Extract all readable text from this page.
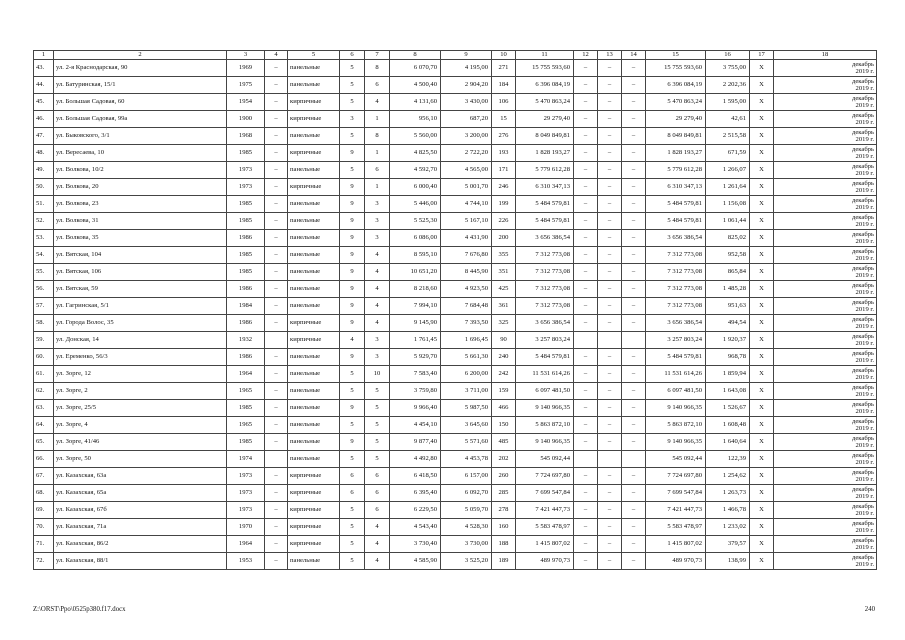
1	2	3	4	5	6	7	8	9	10	11	12	13	14	15	16	17	18
43.	ул. 2-я Краснодарская, 90	1969	–	панельные	5	8	6 070,70	4 195,00	271	15 755 593,60	–	–	–	15 755 593,60	3 755,00	X	декабрь
2019 г.

44.	ул. Батуринская, 15/1	1975	–	панельные	5	6	4 500,40	2 904,20	184	6 396 084,19	–	–	–	6 396 084,19	2 202,36	X	декабрь
2019 г.

45.	ул. Большая Садовая, 60	1954	–	кирпичные	5	4	4 131,60	3 430,00	106	5 470 863,24	–	–	–	5 470 863,24	1 595,00	X	декабрь
2019 г.

46.	ул. Большая Садовая, 99а	1900	–	кирпичные	3	1	956,10	687,20	15	29 279,40	–	–	–	29 279,40	42,61	X	декабрь
2019 г.

47.	ул. Быковского, 3/1	1968	–	панельные	5	8	5 560,00	3 200,00	276	8 049 849,81	–	–	–	8 049 849,81	2 515,58	X	декабрь
2019 г.

48.	ул. Вересаева, 10	1985	–	кирпичные	9	1	4 825,50	2 722,20	193	1 828 193,27	–	–	–	1 828 193,27	671,59	X	декабрь
2019 г.

49.	ул. Волкова, 10/2	1973	–	панельные	5	6	4 592,70	4 565,00	171	5 779 612,28	–	–	–	5 779 612,28	1 266,07	X	декабрь
2019 г.

50.	ул. Волкова, 20	1973	–	кирпичные	9	1	6 000,40	5 001,70	246	6 310 347,13	–	–	–	6 310 347,13	1 261,64	X	декабрь
2019 г.

51.	ул. Волкова, 23	1985	–	панельные	9	3	5 446,00	4 744,10	199	5 484 579,81	–	–	–	5 484 579,81	1 156,08	X	декабрь
2019 г.

52.	ул. Волкова, 31	1985	–	панельные	9	3	5 525,30	5 167,10	226	5 484 579,81	–	–	–	5 484 579,81	1 061,44	X	декабрь
2019 г.

53.	ул. Волкова, 35	1986	–	панельные	9	3	6 086,00	4 431,90	200	3 656 386,54	–	–	–	3 656 386,54	825,02	X	декабрь
2019 г.

54.	ул. Вятская, 104	1985	–	панельные	9	4	8 595,10	7 676,80	355	7 312 773,08	–	–	–	7 312 773,08	952,58	X	декабрь
2019 г.

55.	ул. Вятская, 106	1985	–	панельные	9	4	10 651,20	8 445,90	351	7 312 773,08	–	–	–	7 312 773,08	865,84	X	декабрь
2019 г.

56.	ул. Вятская, 59	1986	–	панельные	9	4	8 218,60	4 923,50	425	7 312 773,08	–	–	–	7 312 773,08	1 485,28	X	декабрь
2019 г.

57.	ул. Гагринская, 5/1	1984	–	панельные	9	4	7 994,10	7 684,48	361	7 312 773,08	–	–	–	7 312 773,08	951,63	X	декабрь
2019 г.

58.	ул. Города Волос, 35	1986	–	кирпичные	9	4	9 145,90	7 393,50	325	3 656 386,54	–	–	–	3 656 386,54	494,54	X	декабрь
2019 г.

59.	ул. Донская, 14	1932		кирпичные	4	3	1 761,45	1 696,45	90	3 257 803,24				3 257 803,24	1 920,37	X	декабрь
2019 г.

60.	ул. Еременко, 56/3	1986	–	панельные	9	3	5 929,70	5 661,30	240	5 484 579,81	–	–	–	5 484 579,81	968,78	X	декабрь
2019 г.

61.	ул. Зорге, 12	1964	–	панельные	5	10	7 583,40	6 200,00	242	11 531 614,26	–	–	–	11 531 614,26	1 859,94	X	декабрь
2019 г.

62.	ул. Зорге, 2	1965	–	панельные	5	5	3 759,80	3 711,00	159	6 097 481,50	–	–	–	6 097 481,50	1 643,08	X	декабрь
2019 г.

63.	ул. Зорге, 25/5	1985	–	панельные	9	5	9 966,40	5 987,50	466	9 140 966,35	–	–	–	9 140 966,35	1 526,67	X	декабрь
2019 г.

64.	ул. Зорге, 4	1965	–	панельные	5	5	4 454,10	3 645,60	150	5 863 872,10	–	–	–	5 863 872,10	1 608,48	X	декабрь
2019 г.

65.	ул. Зорге, 41/46	1985	–	панельные	9	5	9 877,40	5 571,60	485	9 140 966,35	–	–	–	9 140 966,35	1 640,64	X	декабрь
2019 г.

66.	ул. Зорге, 50	1974		панельные	5	5	4 492,80	4 453,78	202	545 092,44				545 092,44	122,39	X	декабрь
2019 г.

67.	ул. Казахская, 63а	1973	–	кирпичные	6	6	6 418,50	6 157,00	260	7 724 697,80	–	–	–	7 724 697,80	1 254,62	X	декабрь
2019 г.

68.	ул. Казахская, 65а	1973	–	кирпичные	6	6	6 395,40	6 092,70	285	7 699 547,84	–	–	–	7 699 547,84	1 263,73	X	декабрь
2019 г.

69.	ул. Казахская, 67б	1973	–	кирпичные	5	6	6 229,50	5 059,70	278	7 421 447,73	–	–	–	7 421 447,73	1 466,78	X	декабрь
2019 г.

70.	ул. Казахская, 71а	1970	–	кирпичные	5	4	4 543,40	4 528,30	160	5 583 478,97	–	–	–	5 583 478,97	1 233,02	X	декабрь
2019 г.

71.	ул. Казахская, 86/2	1964	–	кирпичные	5	4	3 730,40	3 730,00	188	1 415 807,02	–	–	–	1 415 807,02	379,57	X	декабрь
2019 г.

72.	ул. Казахская, 88/1	1953	–	панельные	5	4	4 585,90	3 525,20	189	489 970,73	–	–	–	489 970,73	138,99	X	декабрь
2019 г.
Z:\ORST\Ppo\0525p380.f17.docx	240
